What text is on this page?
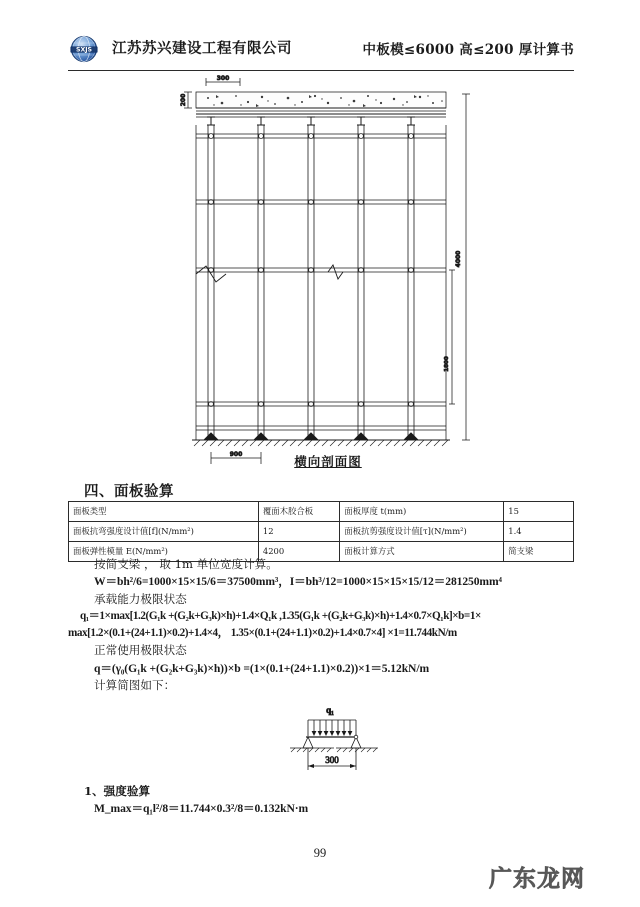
SXJS 江苏苏兴建设工程有限公司	中板模≤6000 高≤200 厚计算书
300
200
900
4000
1800
横向剖面图
四、面板验算
面板类型	覆面木胶合板	面板厚度 t(mm)	15
面板抗弯强度设计值[f](N/mm²)	12	面板抗剪强度设计值[τ](N/mm²)	1.4
面板弹性模量 E(N/mm²)	4200	面板计算方式	简支梁

按简支梁 ， 取 1m 单位宽度计算。

W＝bh²/6=1000×15×15/6＝37500mm³，I＝bh³/12=1000×15×15×15/12＝281250mm⁴

承载能力极限状态

q₁＝1×max[1.2(G₁k +(G₂k+G₃k)×h)+1.4×Q₁k ,1.35(G₁k +(G₂k+G₃k)×h)+1.4×0.7×Q₁k]×b=1×

max[1.2×(0.1+(24+1.1)×0.2)+1.4×4， 1.35×(0.1+(24+1.1)×0.2)+1.4×0.7×4] ×1=11.744kN/m

正常使用极限状态

q＝(γ₀(G₁k +(G₂k+G₃k)×h))×b =(1×(0.1+(24+1.1)×0.2))×1＝5.12kN/m

计算简图如下：

q₁
300

1、强度验算

M_max＝q₁l²/8＝11.744×0.3²/8＝0.132kN·m

99
广东龙网
